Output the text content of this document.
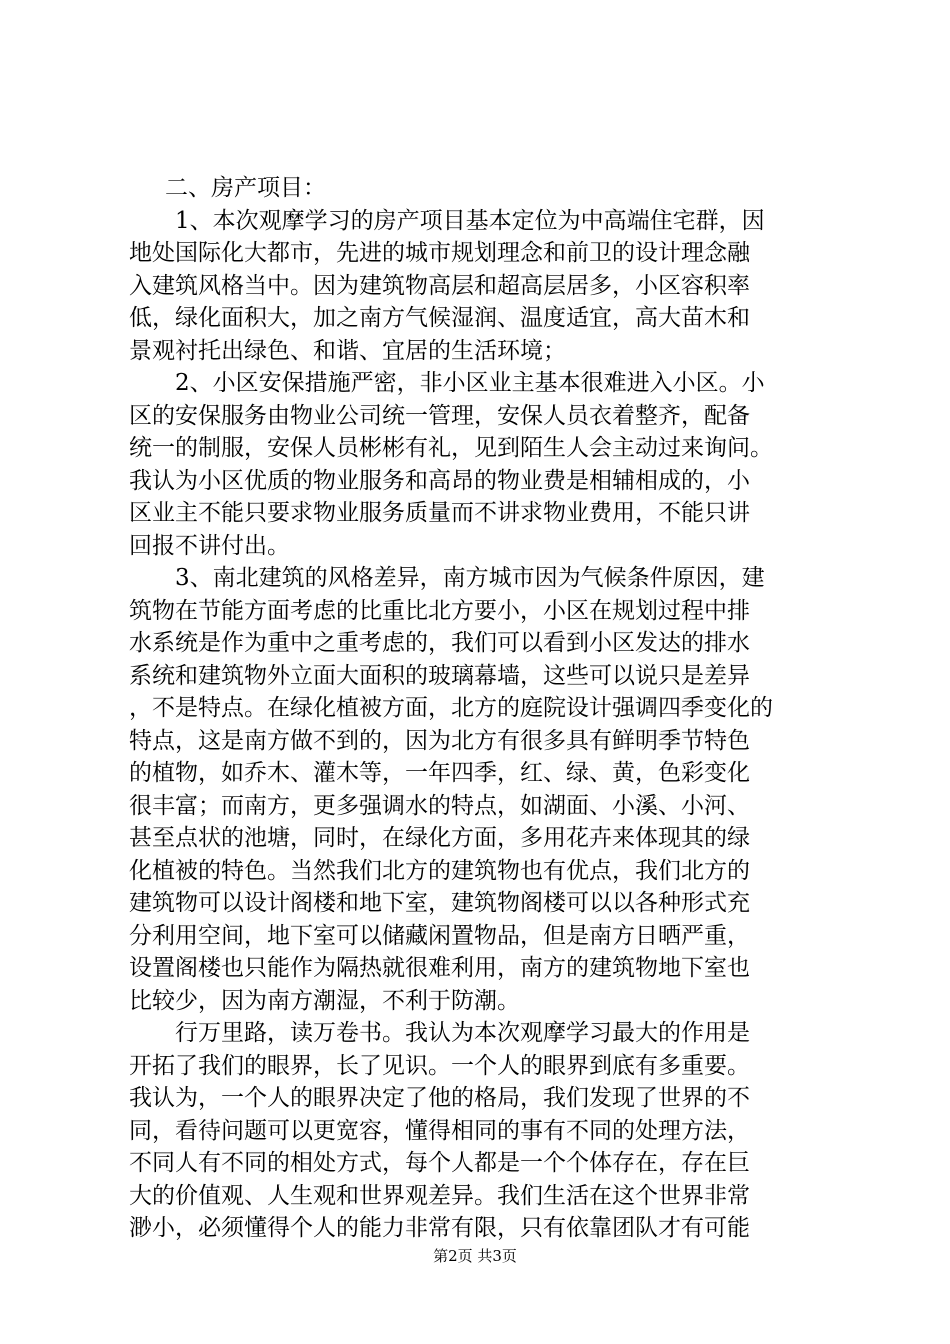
二、房产项目：
1、本次观摩学习的房产项目基本定位为中高端住宅群，因
地处国际化大都市，先进的城市规划理念和前卫的设计理念融
入建筑风格当中。因为建筑物高层和超高层居多，小区容积率
低，绿化面积大，加之南方气候湿润、温度适宜，高大苗木和
景观衬托出绿色、和谐、宜居的生活环境；
2、小区安保措施严密，非小区业主基本很难进入小区。小
区的安保服务由物业公司统一管理，安保人员衣着整齐，配备
统一的制服，安保人员彬彬有礼，见到陌生人会主动过来询问。
我认为小区优质的物业服务和高昂的物业费是相辅相成的，小
区业主不能只要求物业服务质量而不讲求物业费用，不能只讲
回报不讲付出。
3、南北建筑的风格差异，南方城市因为气候条件原因，建
筑物在节能方面考虑的比重比北方要小，小区在规划过程中排
水系统是作为重中之重考虑的，我们可以看到小区发达的排水
系统和建筑物外立面大面积的玻璃幕墙，这些可以说只是差异
，不是特点。在绿化植被方面，北方的庭院设计强调四季变化的
特点，这是南方做不到的，因为北方有很多具有鲜明季节特色
的植物，如乔木、灌木等，一年四季，红、绿、黄，色彩变化
很丰富；而南方，更多强调水的特点，如湖面、小溪、小河、
甚至点状的池塘，同时，在绿化方面，多用花卉来体现其的绿
化植被的特色。当然我们北方的建筑物也有优点，我们北方的
建筑物可以设计阁楼和地下室，建筑物阁楼可以以各种形式充
分利用空间，地下室可以储藏闲置物品，但是南方日晒严重，
设置阁楼也只能作为隔热就很难利用，南方的建筑物地下室也
比较少，因为南方潮湿，不利于防潮。
行万里路，读万卷书。我认为本次观摩学习最大的作用是
开拓了我们的眼界，长了见识。一个人的眼界到底有多重要。
我认为，一个人的眼界决定了他的格局，我们发现了世界的不
同，看待问题可以更宽容，懂得相同的事有不同的处理方法，
不同人有不同的相处方式，每个人都是一个个体存在，存在巨
大的价值观、人生观和世界观差异。我们生活在这个世界非常
渺小，必须懂得个人的能力非常有限，只有依靠团队才有可能
第2页 共3页
